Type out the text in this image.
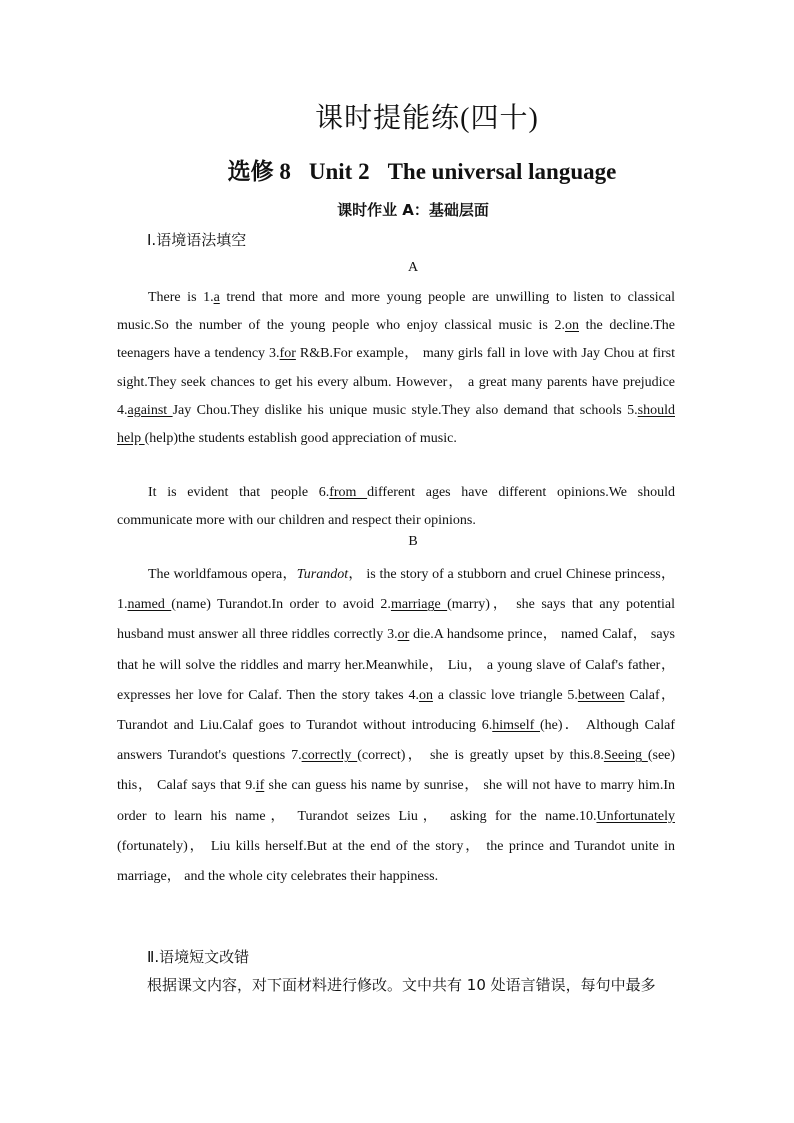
课时提能练(四十)
选修 8 Unit 2 The universal language
课时作业 A：基础层面
Ⅰ.语境语法填空
A

There is 1.a trend that more and more young people are unwilling to listen to classical music.So the number of the young people who enjoy classical music is 2.on the decline.The teenagers have a tendency 3.for R&B.For example， many girls fall in love with Jay Chou at first sight.They seek chances to get his every album. However， a great many parents have prejudice 4.against Jay Chou.They dislike his unique music style.They also demand that schools 5.should help (help)the students establish good appreciation of music.

It is evident that people 6.from different ages have different opinions.We should communicate more with our children and respect their opinions.

B

The worldfamous opera，Turandot， is the story of a stubborn and cruel Chinese princess，1.named (name) Turandot.In order to avoid 2.marriage (marry)， she says that any potential husband must answer all three riddles correctly 3.or die.A handsome prince， named Calaf， says that he will solve the riddles and marry her.Meanwhile， Liu， a young slave of Calaf's father， expresses her love for Calaf. Then the story takes 4.on a classic love triangle 5.between Calaf， Turandot and Liu.Calaf goes to Turandot without introducing 6.himself (he)． Although Calaf answers Turandot's questions 7.correctly (correct)， she is greatly upset by this.8.Seeing (see) this， Calaf says that 9.if she can guess his name by sunrise， she will not have to marry him.In order to learn his name， Turandot seizes Liu， asking for the name.10.Unfortunately (fortunately)， Liu kills herself.But at the end of the story， the prince and Turandot unite in marriage， and the whole city celebrates their happiness.

Ⅱ.语境短文改错
根据课文内容，对下面材料进行修改。文中共有 10 处语言错误，每句中最多
